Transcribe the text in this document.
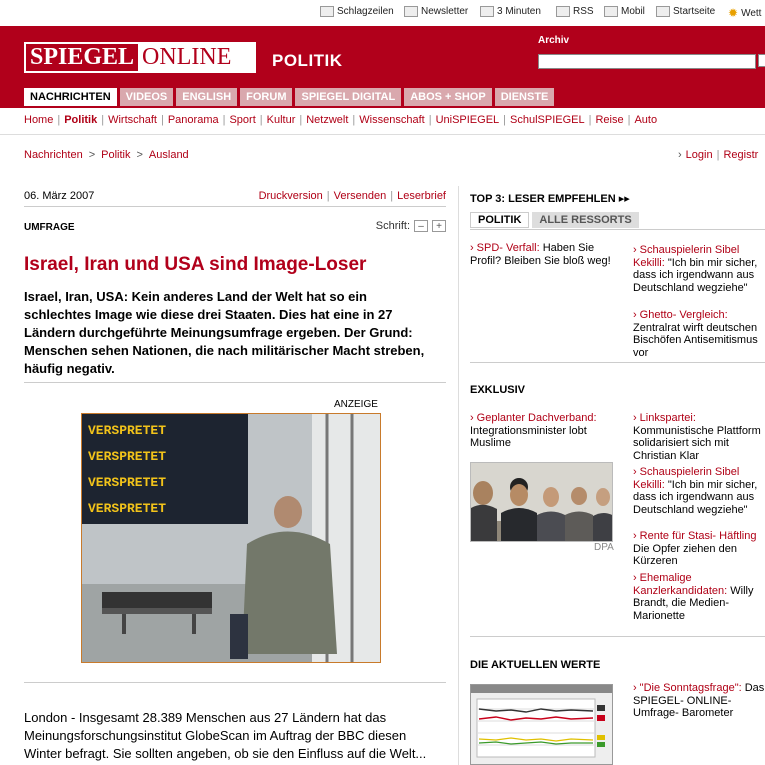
Schlagzeilen	Newsletter	3 Minuten	RSS	Mobil	Startseite ✹ Wett
SPIEGEL ONLINE POLITIK
Archiv
NACHRICHTEN	VIDEOS	ENGLISH	FORUM	SPIEGEL DIGITAL	ABOS + SHOP	DIENSTE
Home | Politik | Wirtschaft | Panorama | Sport | Kultur | Netzwelt | Wissenschaft | UniSPIEGEL | SchulSPIEGEL | Reise | Auto
Nachrichten > Politik > Ausland	› Login | Registr
06. März 2007	Druckversion | Versenden | Leserbrief
UMFRAGE	Schrift: –	+
Israel, Iran und USA sind Image-Loser
Israel, Iran, USA: Kein anderes Land der Welt hat so ein schlechtes Image wie diese drei Staaten. Dies hat eine in 27 Ländern durchgeführte Meinungsumfrage ergeben. Der Grund: Menschen sehen Nationen, die nach militärischer Macht streben, häufig negativ.
ANZEIGE
VERSPRETET
VERSPRETET
VERSPRETET
VERSPRETET
London - Insgesamt 28.389 Menschen aus 27 Ländern hat das Meinungsforschungsinstitut GlobeScan im Auftrag der BBC diesen Winter befragt. Sie sollten angeben, ob sie den Einfluss auf die Welt...
TOP 3: LESER EMPFEHLEN ▸▸
POLITIK	ALLE RESSORTS
› SPD- Verfall: Haben Sie Profil? Bleiben Sie bloß weg!
› Schauspielerin Sibel Kekilli: "Ich bin mir sicher, dass ich irgendwann aus Deutschland wegziehe"
› Ghetto- Vergleich: Zentralrat wirft deutschen Bischöfen Antisemitismus vor
EXKLUSIV
› Geplanter Dachverband: Integrationsminister lobt Muslime
› Linkspartei: Kommunistische Plattform solidarisiert sich mit Christian Klar
› Schauspielerin Sibel Kekilli: "Ich bin mir sicher, dass ich irgendwann aus Deutschland wegziehe"
› Rente für Stasi- Häftling Die Opfer ziehen den Kürzeren
› Ehemalige Kanzlerkandidaten: Willy Brandt, die Medien- Marionette
DPA
DIE AKTUELLEN WERTE
› "Die Sonntagsfrage": Das SPIEGEL- ONLINE- Umfrage- Barometer
